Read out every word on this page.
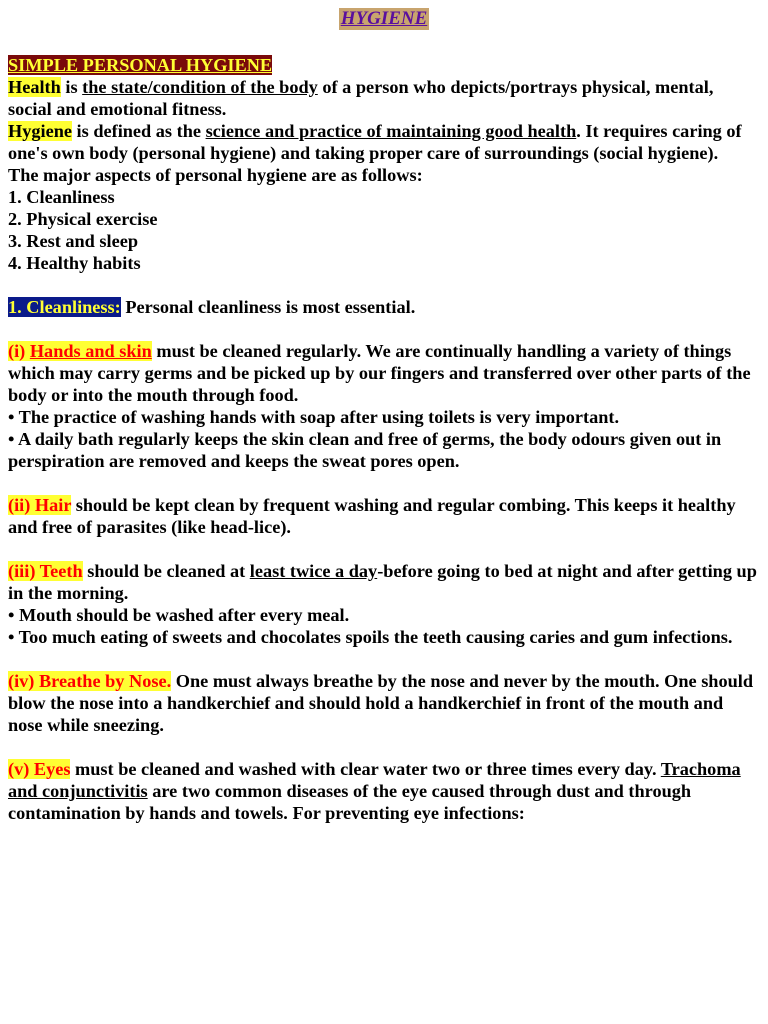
HYGIENE

SIMPLE PERSONAL HYGIENE

Health is the state/condition of the body of a person who depicts/portrays physical, mental, social and emotional fitness.

Hygiene is defined as the science and practice of maintaining good health. It requires caring of one's own body (personal hygiene) and taking proper care of surroundings (social hygiene).

The major aspects of personal hygiene are as follows:

1. Cleanliness

2. Physical exercise

3. Rest and sleep

4. Healthy habits

1. Cleanliness: Personal cleanliness is most essential.

(i) Hands and skin must be cleaned regularly. We are continually handling a variety of things which may carry germs and be picked up by our fingers and transferred over other parts of the body or into the mouth through food.

• The practice of washing hands with soap after using toilets is very important.

• A daily bath regularly keeps the skin clean and free of germs, the body odours given out in perspiration are removed and keeps the sweat pores open.

(ii) Hair should be kept clean by frequent washing and regular combing. This keeps it healthy and free of parasites (like head-lice).

(iii) Teeth should be cleaned at least twice a day-before going to bed at night and after getting up in the morning.

• Mouth should be washed after every meal.

• Too much eating of sweets and chocolates spoils the teeth causing caries and gum infections.

(iv) Breathe by Nose. One must always breathe by the nose and never by the mouth. One should blow the nose into a handkerchief and should hold a handkerchief in front of the mouth and nose while sneezing.

(v) Eyes must be cleaned and washed with clear water two or three times every day. Trachoma and conjunctivitis are two common diseases of the eye caused through dust and through contamination by hands and towels. For preventing eye infections:
